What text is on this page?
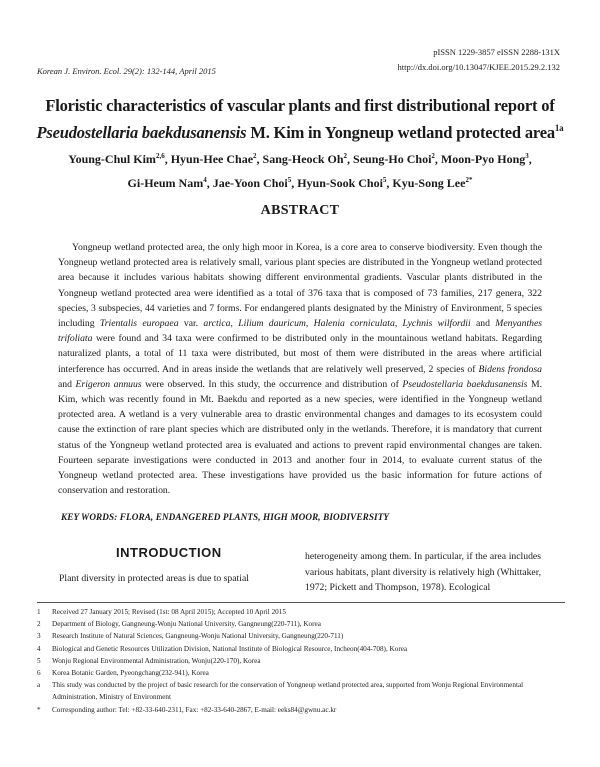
Korean J. Environ. Ecol. 29(2): 132-144, April 2015
pISSN 1229-3857 eISSN 2288-131X
http://dx.doi.org/10.13047/KJEE.2015.29.2.132
Floristic characteristics of vascular plants and first distributional report of
Pseudostellaria baekdusanensis M. Kim in Yongneup wetland protected area$^{1a}$
Young-Chul Kim$^{2,6}$, Hyun-Hee Chae$^2$, Sang-Heock Oh$^2$, Seung-Ho Choi$^2$, Moon-Pyo Hong$^3$,
Gi-Heum Nam$^4$, Jae-Yoon Choi$^5$, Hyun-Sook Choi$^5$, Kyu-Song Lee$^{2*}$
ABSTRACT
Yongneup wetland protected area, the only high moor in Korea, is a core area to conserve biodiversity. Even though the Yongneup wetland protected area is relatively small, various plant species are distributed in the Yongneup wetland protected area because it includes various habitats showing different environmental gradients. Vascular plants distributed in the Yongneup wetland protected area were identified as a total of 376 taxa that is composed of 73 families, 217 genera, 322 species, 3 subspecies, 44 varieties and 7 forms. For endangered plants designated by the Ministry of Environment, 5 species including Trientalis europaea var. arctica, Lilium dauricum, Halenia corniculata, Lychnis wilfordii and Menyanthes trifoliata were found and 34 taxa were confirmed to be distributed only in the mountainous wetland habitats. Regarding naturalized plants, a total of 11 taxa were distributed, but most of them were distributed in the areas where artificial interference has occurred. And in areas inside the wetlands that are relatively well preserved, 2 species of Bidens frondosa and Erigeron annuus were observed. In this study, the occurrence and distribution of Pseudostellaria baekdusanensis M. Kim, which was recently found in Mt. Baekdu and reported as a new species, were identified in the Yongneup wetland protected area. A wetland is a very vulnerable area to drastic environmental changes and damages to its ecosystem could cause the extinction of rare plant species which are distributed only in the wetlands. Therefore, it is mandatory that current status of the Yongneup wetland protected area is evaluated and actions to prevent rapid environmental changes are taken. Fourteen separate investigations were conducted in 2013 and another four in 2014, to evaluate current status of the Yongneup wetland protected area. These investigations have provided us the basic information for future actions of conservation and restoration.
KEY WORDS: FLORA, ENDANGERED PLANTS, HIGH MOOR, BIODIVERSITY
INTRODUCTION
Plant diversity in protected areas is due to spatial
heterogeneity among them. In particular, if the area includes various habitats, plant diversity is relatively high (Whittaker, 1972; Pickett and Thompson, 1978). Ecological
1	Received 27 January 2015; Revised (1st: 08 April 2015); Accepted 10 April 2015
2	Department of Biology, Gangneung-Wonju National University, Gangneung(220-711), Korea
3	Research Institute of Natural Sciences, Gangneung-Wonju National University, Gangneung(220-711)
4	Biological and Genetic Resources Utilization Division, National Institute of Biological Resource, Incheon(404-708), Korea
5	Wonju Regional Environmental Administration, Wonju(220-170), Korea
6	Korea Botanic Garden, Pyeongchang(232-941), Korea
a	This study was conducted by the project of basic research for the conservation of Yongneup wetland protected area, supported from Wonju Regional Environmental Administration, Ministry of Environment
*	Corresponding author: Tel: +82-33-640-2311, Fax: +82-33-640-2867, E-mail: eeks84@gwnu.ac.kr
